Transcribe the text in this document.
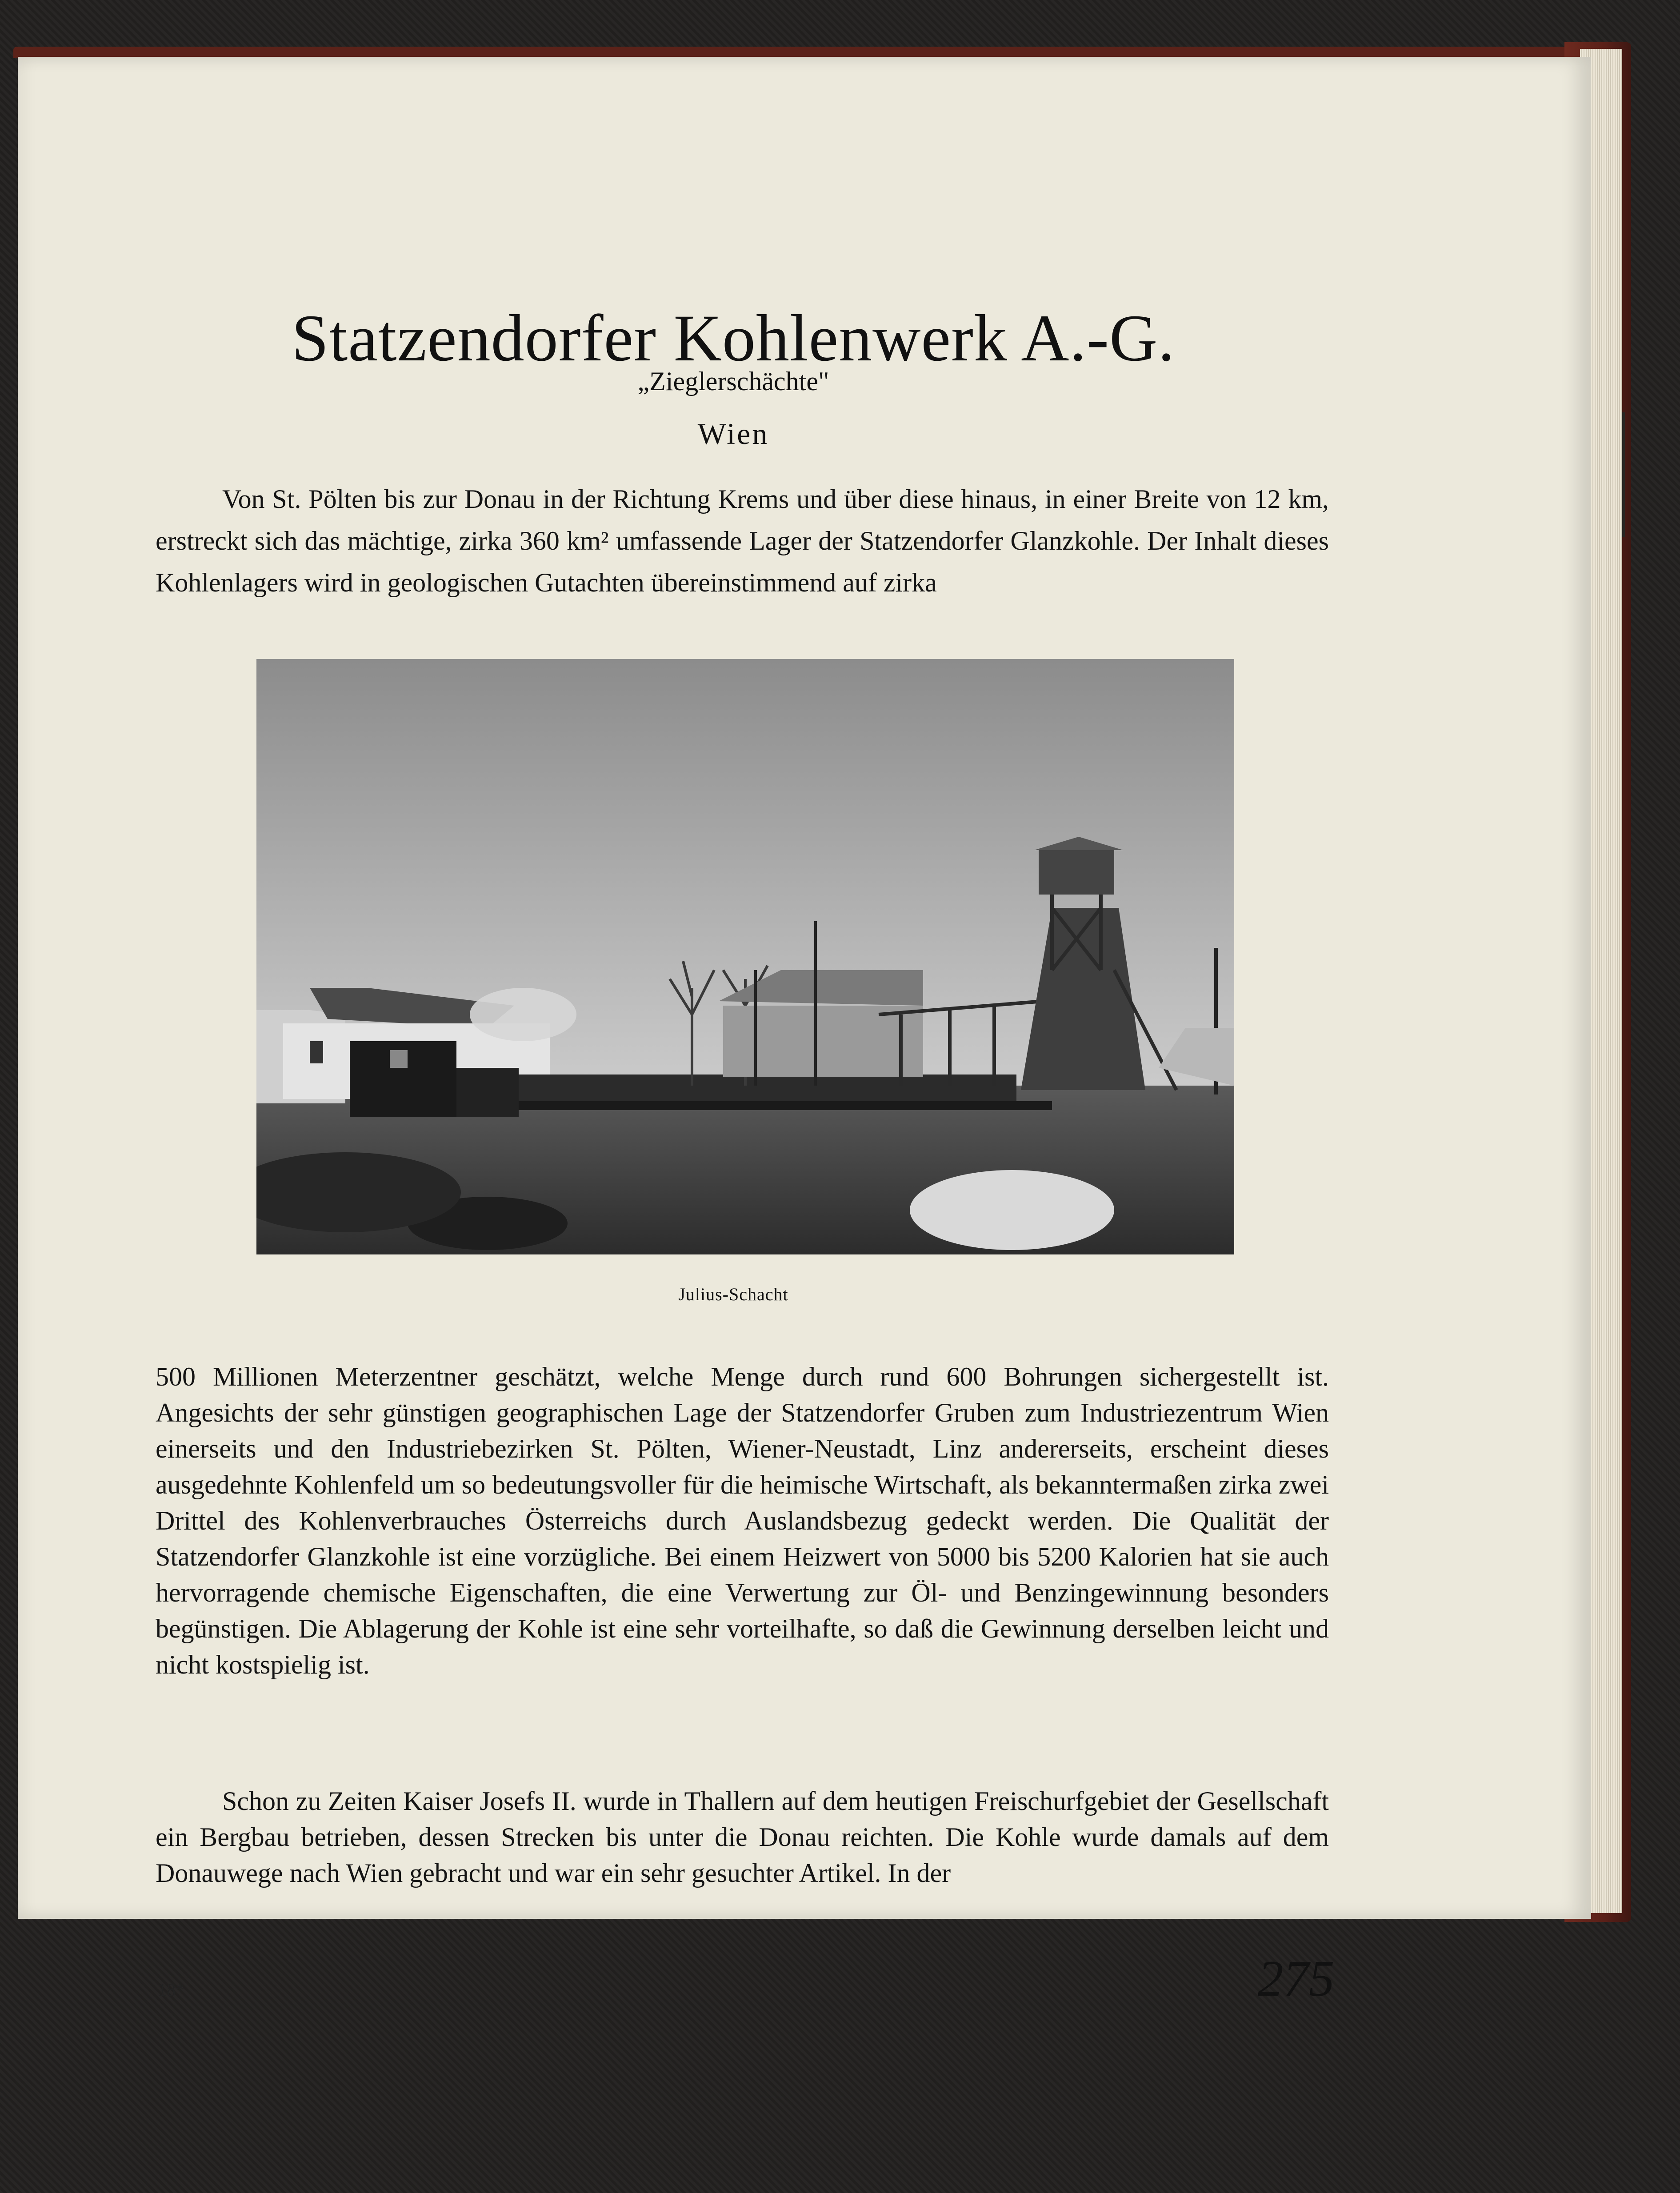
Statzendorfer Kohlenwerk A.-G.
„Zieglerschächte"
Wien

Von St. Pölten bis zur Donau in der Richtung Krems und über diese hinaus, in einer Breite von 12 km, erstreckt sich das mächtige, zirka 360 km² umfassende Lager der Statzendorfer Glanzkohle. Der Inhalt dieses Kohlenlagers wird in geologischen Gutachten übereinstimmend auf zirka

Julius-Schacht

500 Millionen Meterzentner geschätzt, welche Menge durch rund 600 Bohrungen sichergestellt ist. Angesichts der sehr günstigen geographischen Lage der Statzendorfer Gruben zum Industriezentrum Wien einerseits und den Industriebezirken St. Pölten, Wiener-Neustadt, Linz andererseits, erscheint dieses ausgedehnte Kohlenfeld um so bedeutungsvoller für die heimische Wirtschaft, als bekanntermaßen zirka zwei Drittel des Kohlenverbrauches Österreichs durch Auslandsbezug gedeckt werden. Die Qualität der Statzendorfer Glanzkohle ist eine vorzügliche. Bei einem Heizwert von 5000 bis 5200 Kalorien hat sie auch hervorragende chemische Eigenschaften, die eine Verwertung zur Öl- und Benzingewinnung besonders begünstigen. Die Ablagerung der Kohle ist eine sehr vorteilhafte, so daß die Gewinnung derselben leicht und nicht kostspielig ist.

Schon zu Zeiten Kaiser Josefs II. wurde in Thallern auf dem heutigen Freischurfgebiet der Gesellschaft ein Bergbau betrieben, dessen Strecken bis unter die Donau reichten. Die Kohle wurde damals auf dem Donauwege nach Wien gebracht und war ein sehr gesuchter Artikel. In der

18*	275
